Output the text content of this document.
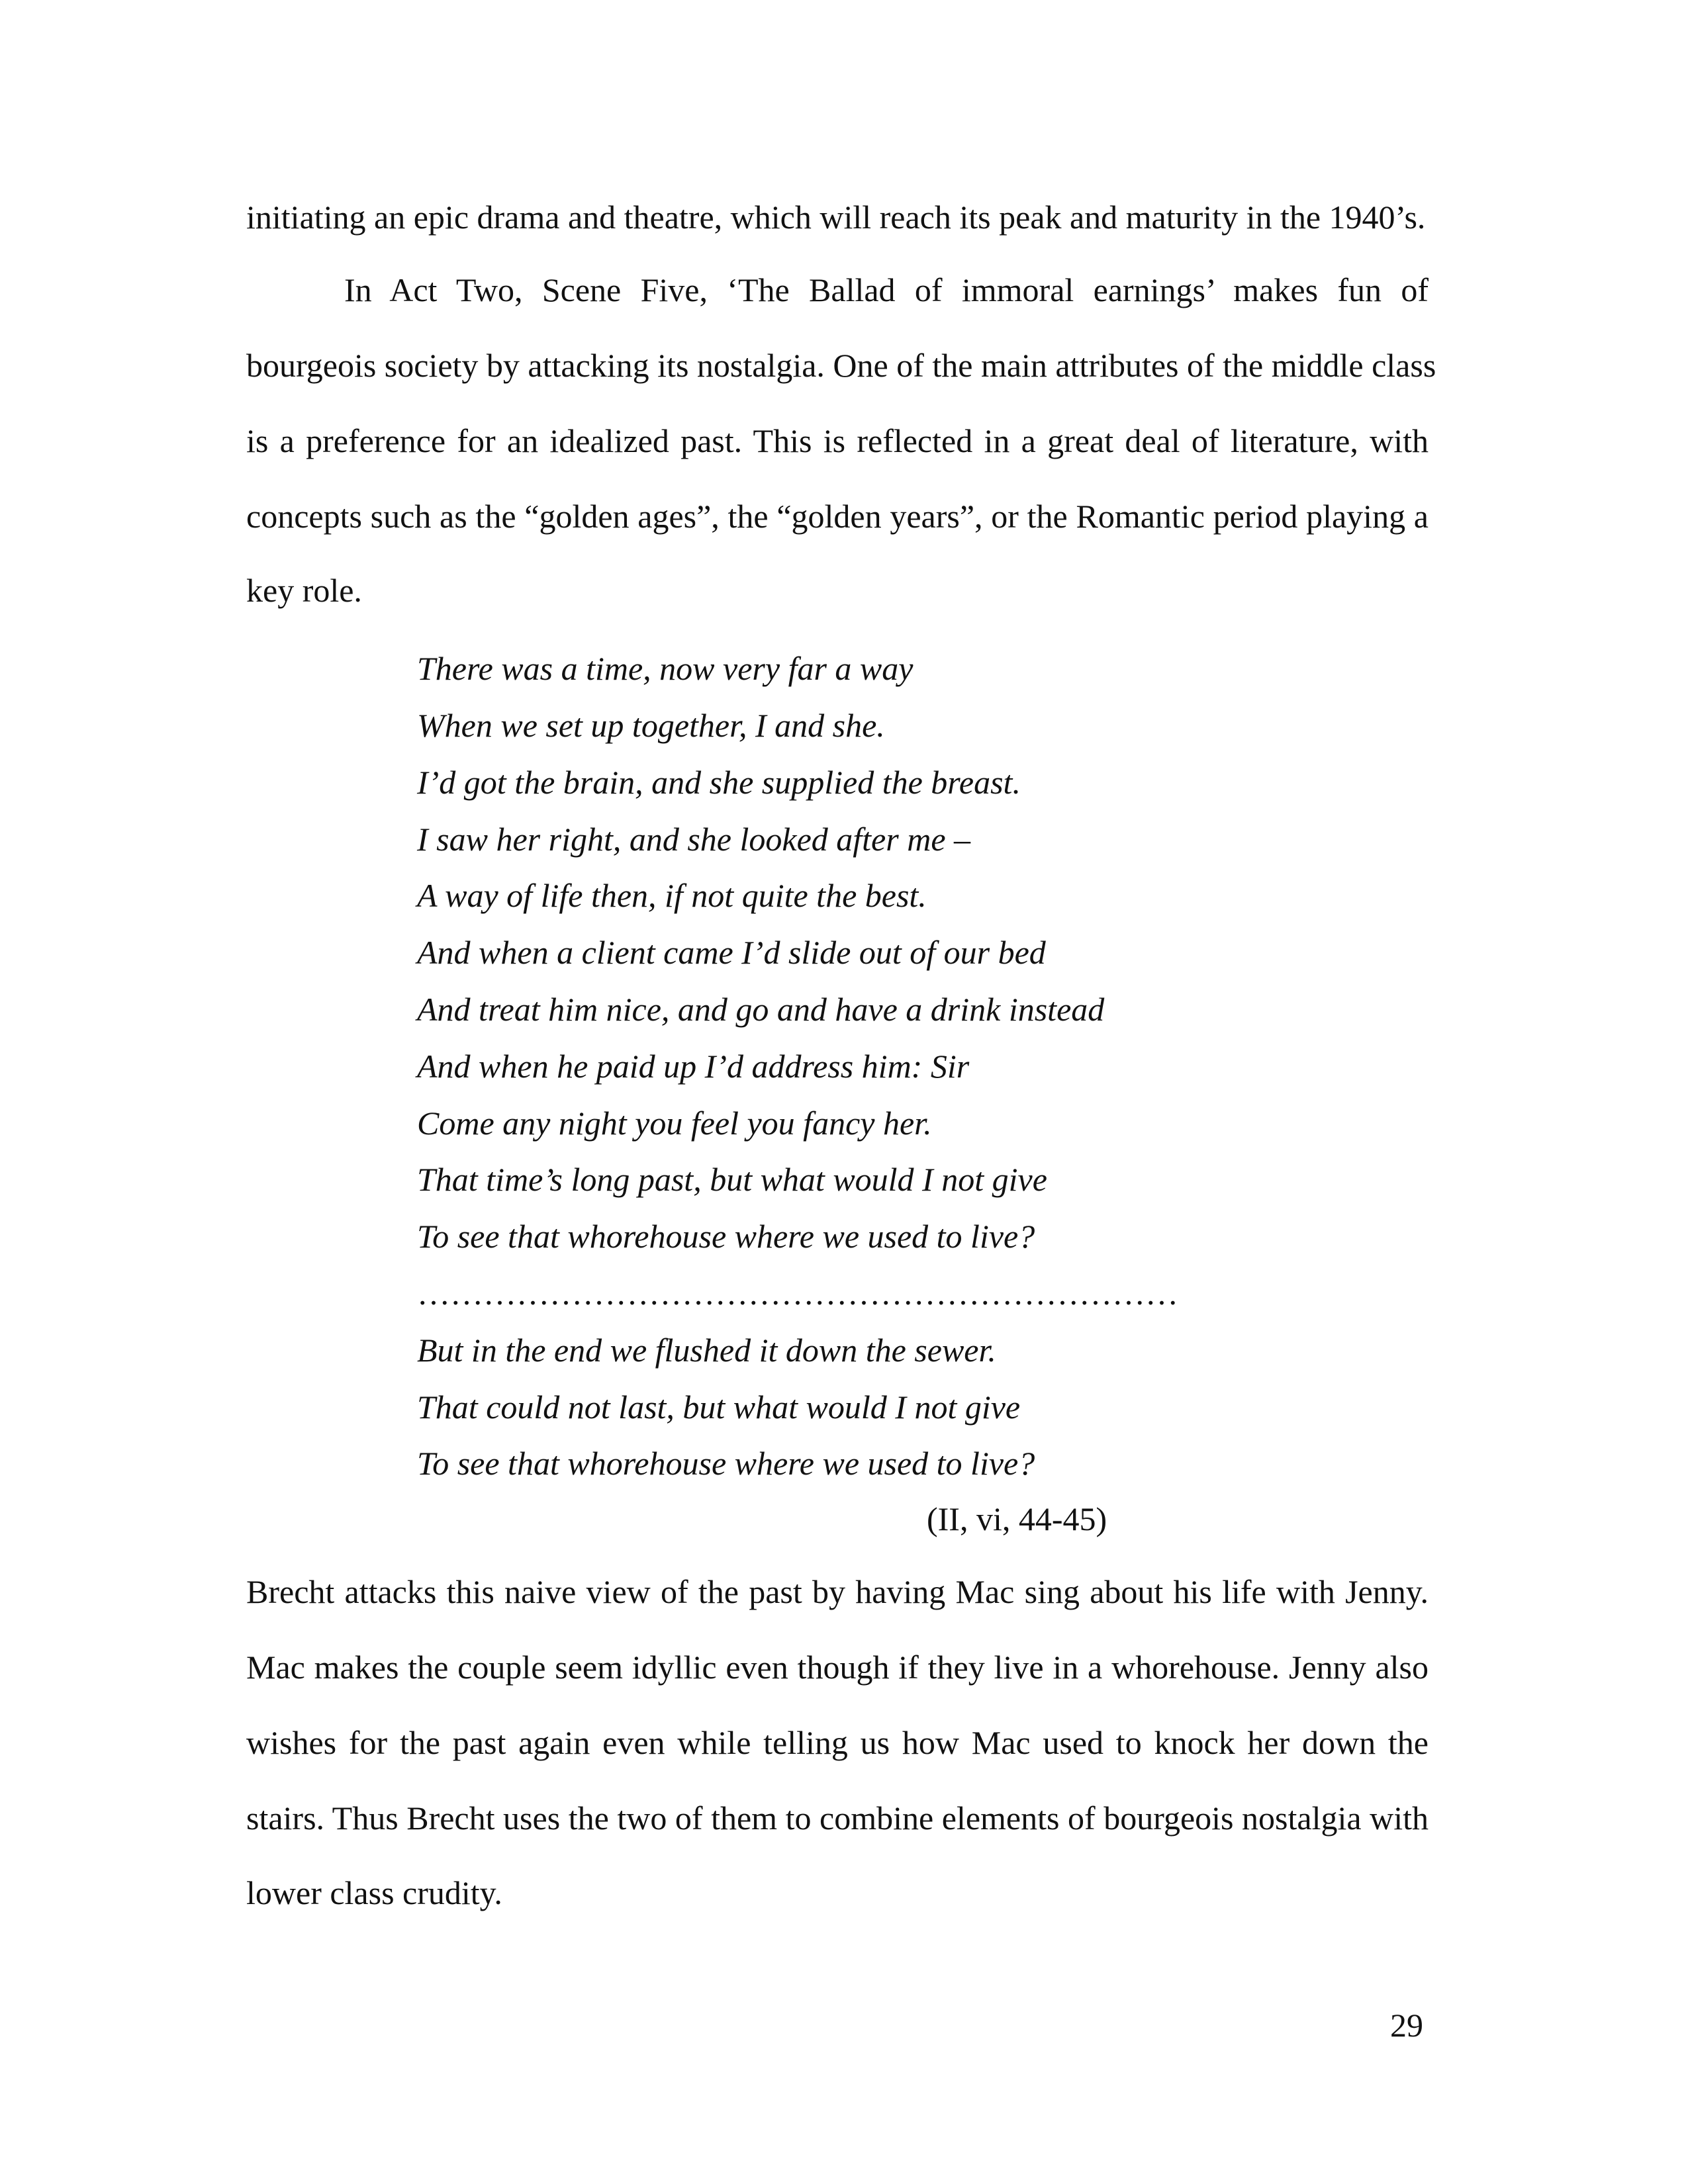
initiating an epic drama and theatre, which will reach its peak and maturity in the 1940’s.
In Act Two, Scene Five, ‘The Ballad of immoral earnings’ makes fun of
bourgeois society by attacking its nostalgia. One of the main attributes of the middle class
is a preference for an idealized past. This is reflected in a great deal of literature, with
concepts such as the “golden ages”, the “golden years”, or the Romantic period playing a
key role.
There was a time, now very far a way
When we set up together, I and she.
I’d got the brain, and she supplied the breast.
I saw her right, and she looked after me –
A way of life then, if not quite the best.
And when a client came I’d slide out of our bed
And treat him nice, and go and have a drink instead
And when he paid up I’d address him: Sir
Come any night you feel you fancy her.
That time’s long past, but what would I not give
To see that whorehouse where we used to live?
……………………………………………………………
But in the end we flushed it down the sewer.
That could not last, but what would I not give
To see that whorehouse where we used to live?
(II, vi, 44-45)
Brecht attacks this naive view of the past by having Mac sing about his life with Jenny.
Mac makes the couple seem idyllic even though if they live in a whorehouse. Jenny also
wishes for the past again even while telling us how Mac used to knock her down the
stairs. Thus Brecht uses the two of them to combine elements of bourgeois nostalgia with
lower class crudity.
29
